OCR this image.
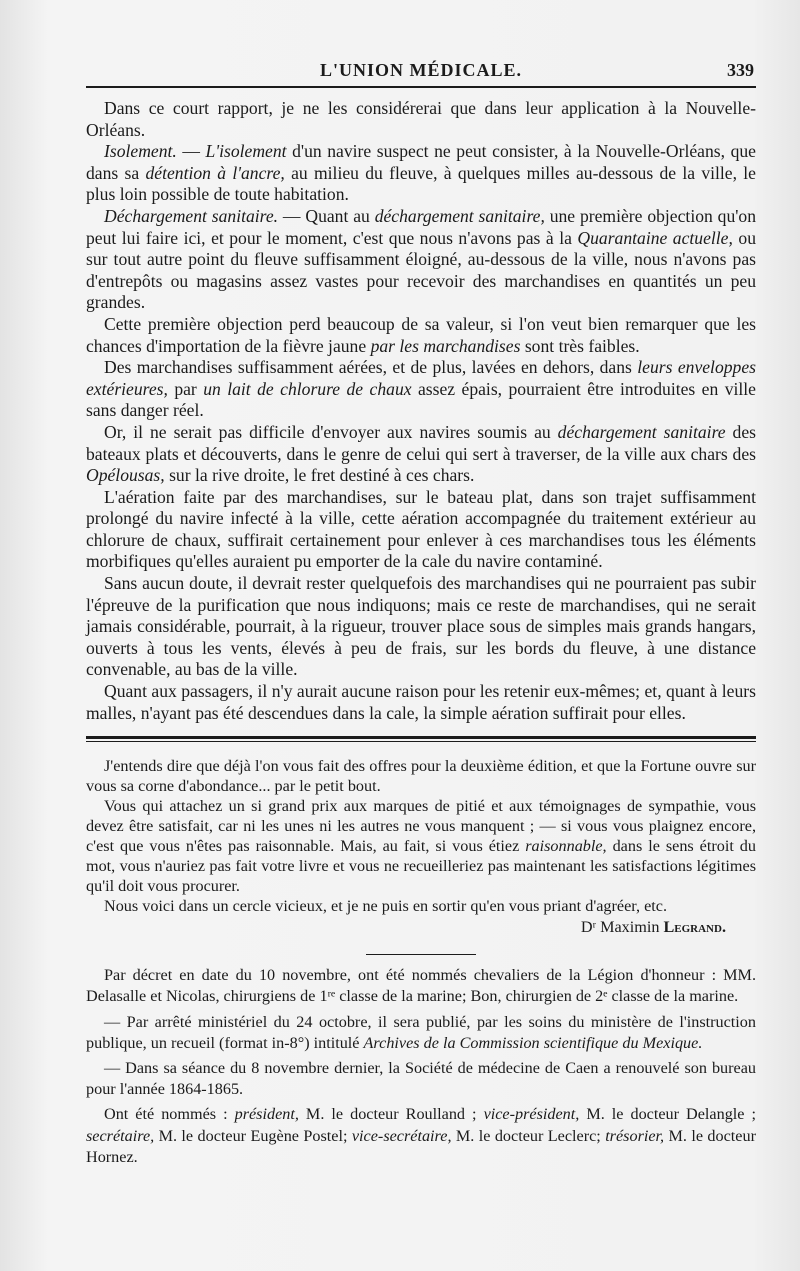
L'UNION MÉDICALE.	339

Dans ce court rapport, je ne les considérerai que dans leur application à la Nouvelle-Orléans.

Isolement. — L'isolement d'un navire suspect ne peut consister, à la Nouvelle-Orléans, que dans sa détention à l'ancre, au milieu du fleuve, à quelques milles au-dessous de la ville, le plus loin possible de toute habitation.

Déchargement sanitaire. — Quant au déchargement sanitaire, une première objection qu'on peut lui faire ici, et pour le moment, c'est que nous n'avons pas à la Quarantaine actuelle, ou sur tout autre point du fleuve suffisamment éloigné, au-dessous de la ville, nous n'avons pas d'entrepôts ou magasins assez vastes pour recevoir des marchandises en quantités un peu grandes.

Cette première objection perd beaucoup de sa valeur, si l'on veut bien remarquer que les chances d'importation de la fièvre jaune par les marchandises sont très faibles.

Des marchandises suffisamment aérées, et de plus, lavées en dehors, dans leurs enveloppes extérieures, par un lait de chlorure de chaux assez épais, pourraient être introduites en ville sans danger réel.

Or, il ne serait pas difficile d'envoyer aux navires soumis au déchargement sanitaire des bateaux plats et découverts, dans le genre de celui qui sert à traverser, de la ville aux chars des Opélousas, sur la rive droite, le fret destiné à ces chars.

L'aération faite par des marchandises, sur le bateau plat, dans son trajet suffisamment prolongé du navire infecté à la ville, cette aération accompagnée du traitement extérieur au chlorure de chaux, suffirait certainement pour enlever à ces marchandises tous les éléments morbifiques qu'elles auraient pu emporter de la cale du navire contaminé.

Sans aucun doute, il devrait rester quelquefois des marchandises qui ne pourraient pas subir l'épreuve de la purification que nous indiquons; mais ce reste de marchandises, qui ne serait jamais considérable, pourrait, à la rigueur, trouver place sous de simples mais grands hangars, ouverts à tous les vents, élevés à peu de frais, sur les bords du fleuve, à une distance convenable, au bas de la ville.

Quant aux passagers, il n'y aurait aucune raison pour les retenir eux-mêmes; et, quant à leurs malles, n'ayant pas été descendues dans la cale, la simple aération suffirait pour elles.

J'entends dire que déjà l'on vous fait des offres pour la deuxième édition, et que la Fortune ouvre sur vous sa corne d'abondance... par le petit bout.

Vous qui attachez un si grand prix aux marques de pitié et aux témoignages de sympathie, vous devez être satisfait, car ni les unes ni les autres ne vous manquent ; — si vous vous plaignez encore, c'est que vous n'êtes pas raisonnable. Mais, au fait, si vous étiez raisonnable, dans le sens étroit du mot, vous n'auriez pas fait votre livre et vous ne recueilleriez pas maintenant les satisfactions légitimes qu'il doit vous procurer.

Nous voici dans un cercle vicieux, et je ne puis en sortir qu'en vous priant d'agréer, etc.

Dʳ Maximin Legrand.

Par décret en date du 10 novembre, ont été nommés chevaliers de la Légion d'honneur : MM. Delasalle et Nicolas, chirurgiens de 1ʳᵉ classe de la marine; Bon, chirurgien de 2ᵉ classe de la marine.

— Par arrêté ministériel du 24 octobre, il sera publié, par les soins du ministère de l'instruction publique, un recueil (format in-8°) intitulé Archives de la Commission scientifique du Mexique.

— Dans sa séance du 8 novembre dernier, la Société de médecine de Caen a renouvelé son bureau pour l'année 1864-1865.

Ont été nommés : président, M. le docteur Roulland ; vice-président, M. le docteur Delangle ; secrétaire, M. le docteur Eugène Postel; vice-secrétaire, M. le docteur Leclerc; trésorier, M. le docteur Hornez.
